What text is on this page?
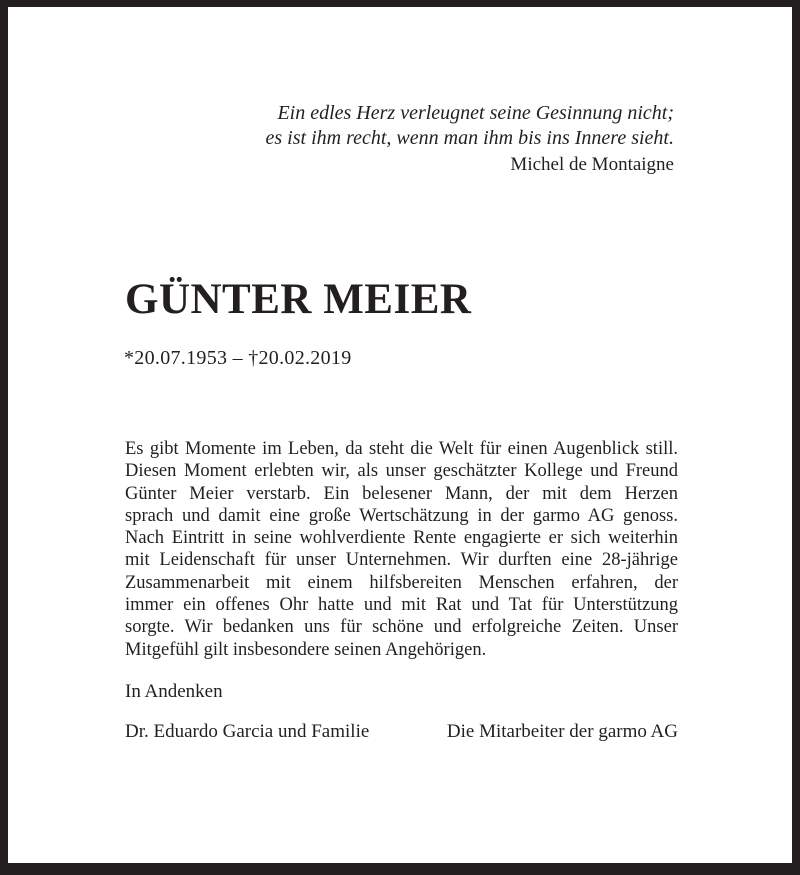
Ein edles Herz verleugnet seine Gesinnung nicht;
es ist ihm recht, wenn man ihm bis ins Innere sieht.
Michel de Montaigne
GÜNTER MEIER
*20.07.1953 – †20.02.2019
Es gibt Momente im Leben, da steht die Welt für einen Augenblick still.
Diesen Moment erlebten wir, als unser geschätzter Kollege und Freund
Günter Meier verstarb. Ein belesener Mann, der mit dem Herzen
sprach und damit eine große Wertschätzung in der garmo AG genoss.
Nach Eintritt in seine wohlverdiente Rente engagierte er sich weiterhin
mit Leidenschaft für unser Unternehmen. Wir durften eine 28-jährige
Zusammenarbeit mit einem hilfsbereiten Menschen erfahren, der
immer ein offenes Ohr hatte und mit Rat und Tat für Unterstützung
sorgte. Wir bedanken uns für schöne und erfolgreiche Zeiten. Unser
Mitgefühl gilt insbesondere seinen Angehörigen.
In Andenken
Dr. Eduardo Garcia und Familie	Die Mitarbeiter der garmo AG
